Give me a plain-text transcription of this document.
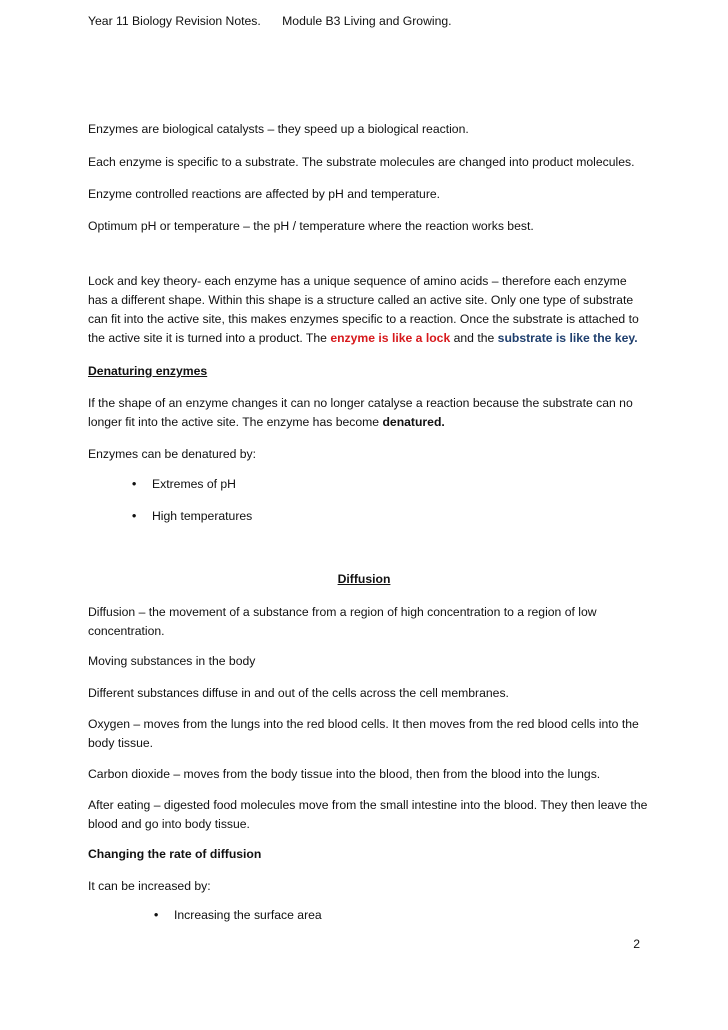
Year 11 Biology Revision Notes. Module B3 Living and Growing.
Enzymes are biological catalysts – they speed up a biological reaction.
Each enzyme is specific to a substrate. The substrate molecules are changed into product molecules.
Enzyme controlled reactions are affected by pH and temperature.
Optimum pH or temperature – the pH / temperature where the reaction works best.
Lock and key theory- each enzyme has a unique sequence of amino acids – therefore each enzyme has a different shape. Within this shape is a structure called an active site. Only one type of substrate can fit into the active site, this makes enzymes specific to a reaction. Once the substrate is attached to the active site it is turned into a product. The enzyme is like a lock and the substrate is like the key.
Denaturing enzymes
If the shape of an enzyme changes it can no longer catalyse a reaction because the substrate can no longer fit into the active site. The enzyme has become denatured.
Enzymes can be denatured by:
• Extremes of pH
• High temperatures
Diffusion
Diffusion – the movement of a substance from a region of high concentration to a region of low concentration.
Moving substances in the body
Different substances diffuse in and out of the cells across the cell membranes.
Oxygen – moves from the lungs into the red blood cells. It then moves from the red blood cells into the body tissue.
Carbon dioxide – moves from the body tissue into the blood, then from the blood into the lungs.
After eating – digested food molecules move from the small intestine into the blood. They then leave the blood and go into body tissue.
Changing the rate of diffusion
It can be increased by:
• Increasing the surface area
2
